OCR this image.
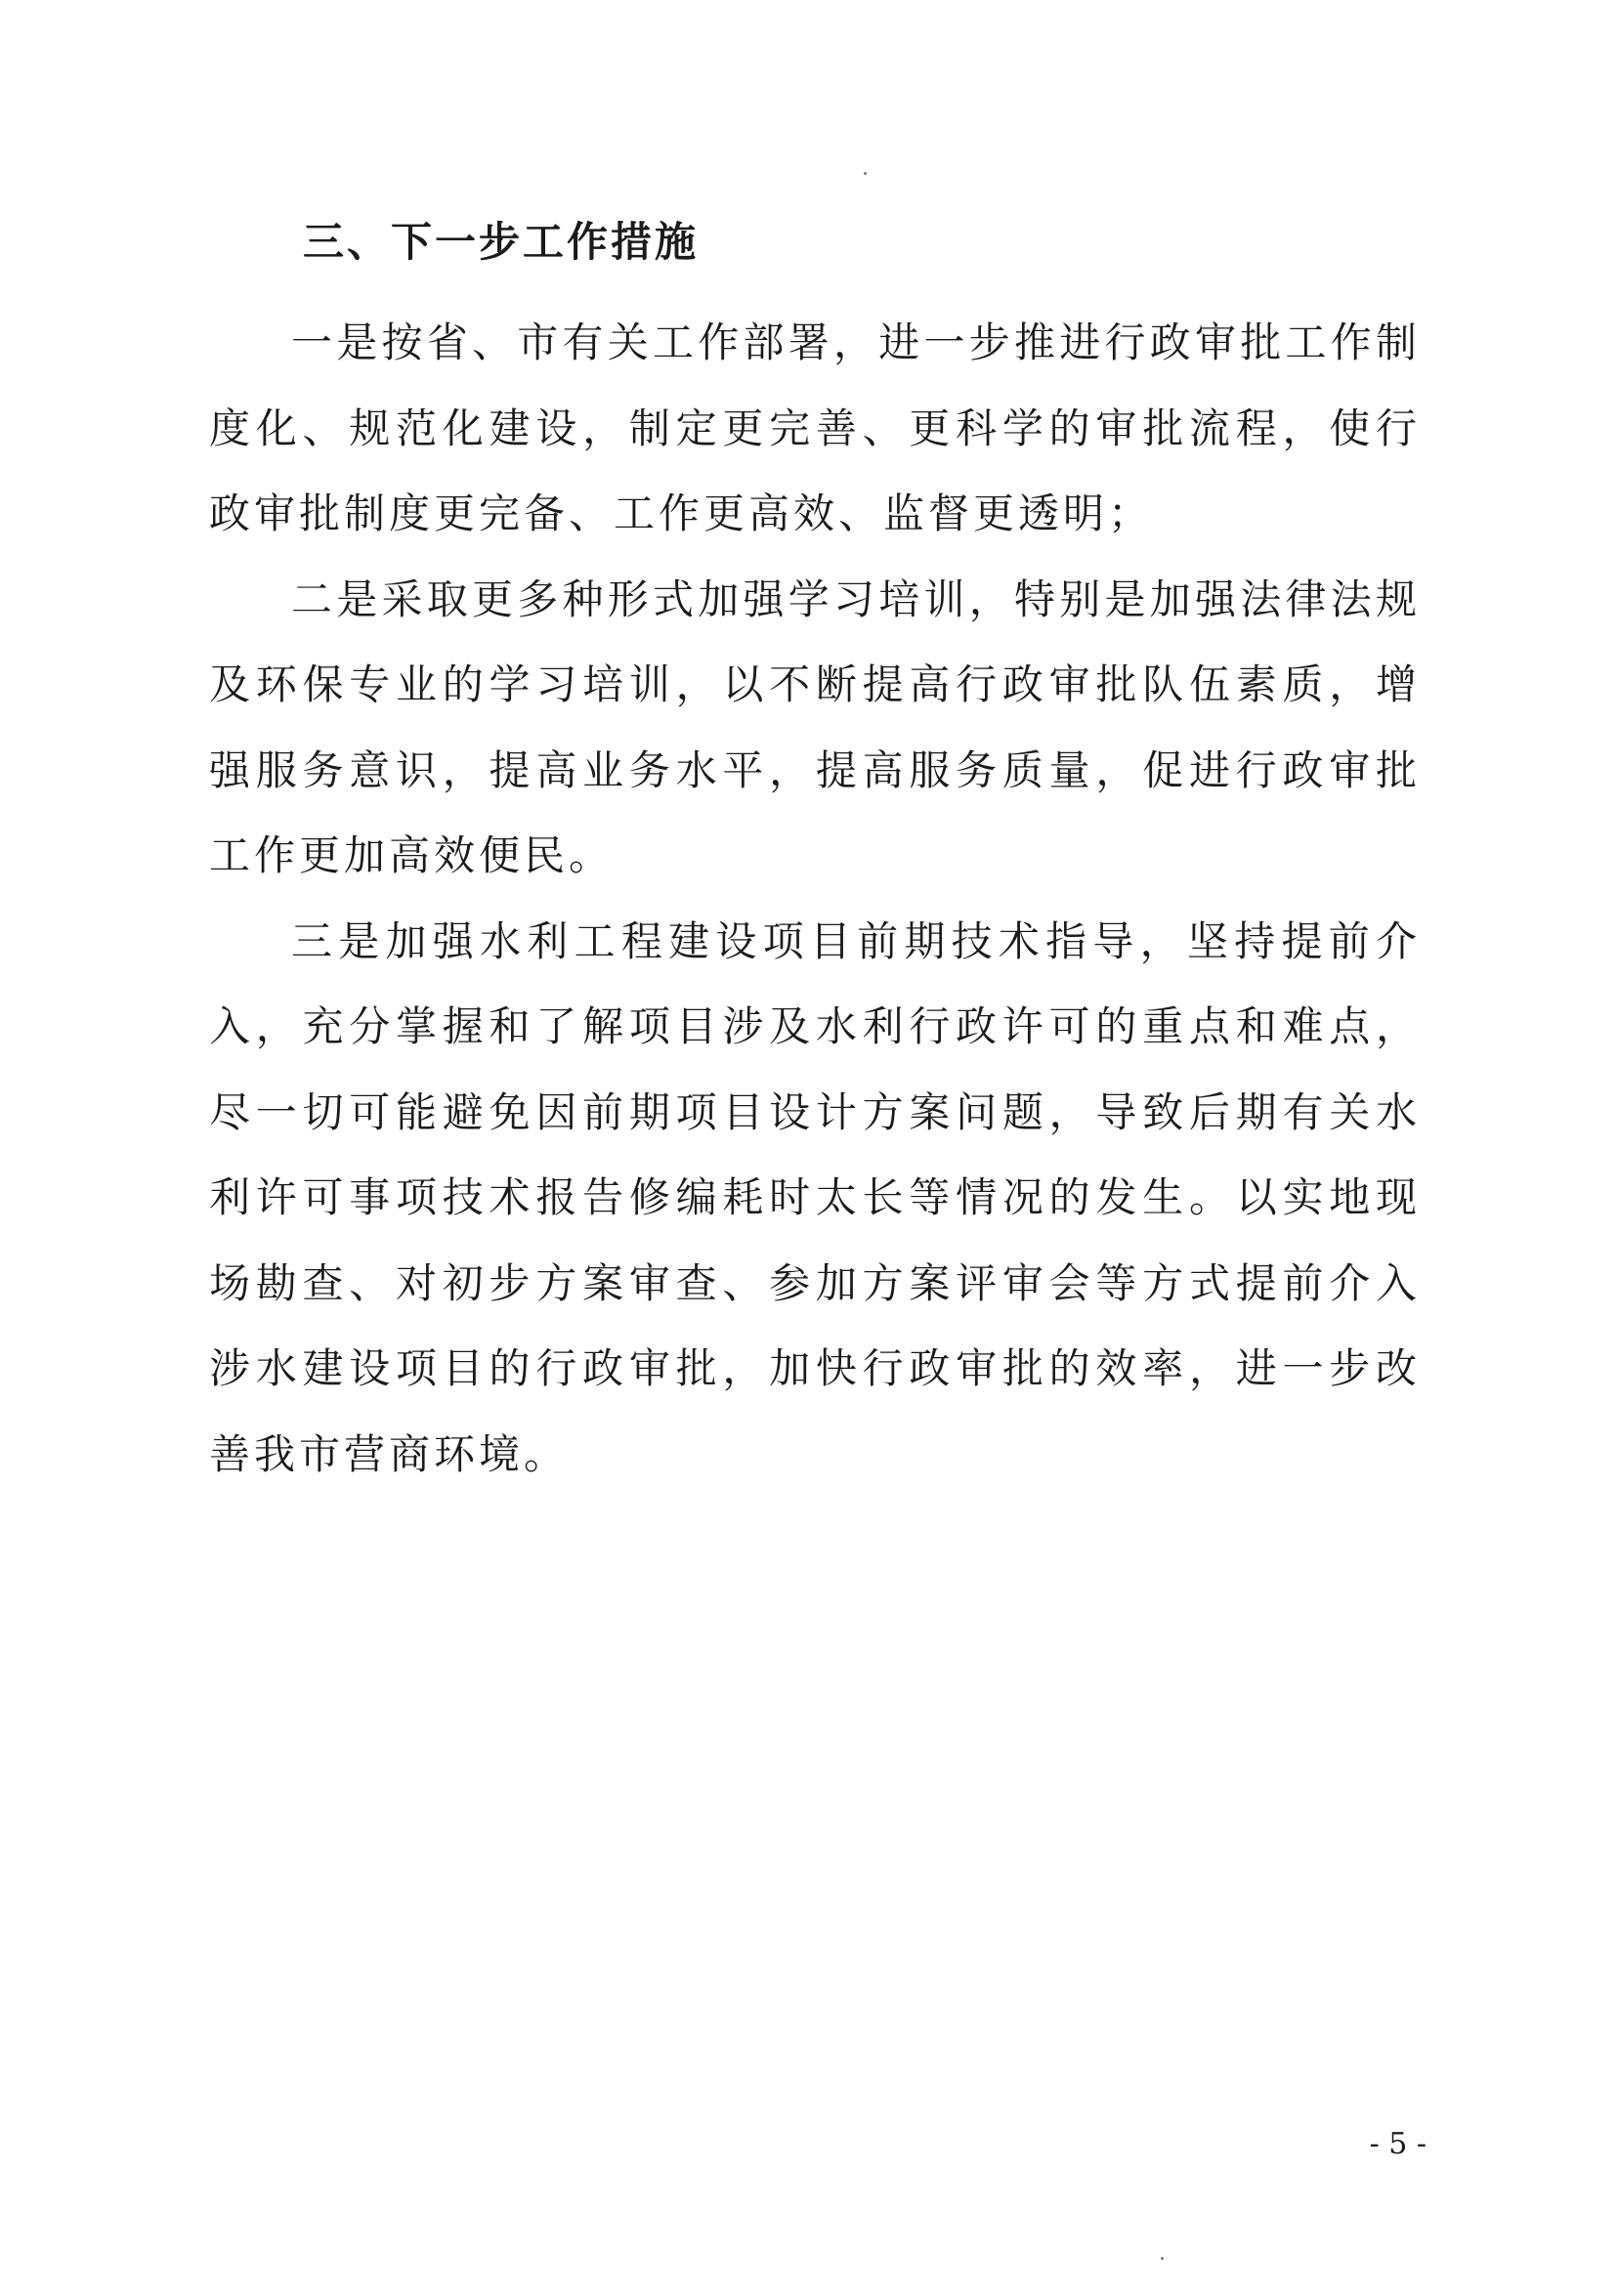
三、下一步工作措施

一是按省、市有关工作部署，进一步推进行政审批工作制度化、规范化建设，制定更完善、更科学的审批流程，使行政审批制度更完备、工作更高效、监督更透明；

二是采取更多种形式加强学习培训，特别是加强法律法规及环保专业的学习培训，以不断提高行政审批队伍素质，增强服务意识，提高业务水平，提高服务质量，促进行政审批工作更加高效便民。

三是加强水利工程建设项目前期技术指导，坚持提前介入，充分掌握和了解项目涉及水利行政许可的重点和难点，尽一切可能避免因前期项目设计方案问题，导致后期有关水利许可事项技术报告修编耗时太长等情况的发生。以实地现场勘查、对初步方案审查、参加方案评审会等方式提前介入涉水建设项目的行政审批，加快行政审批的效率，进一步改善我市营商环境。

- 5 -
